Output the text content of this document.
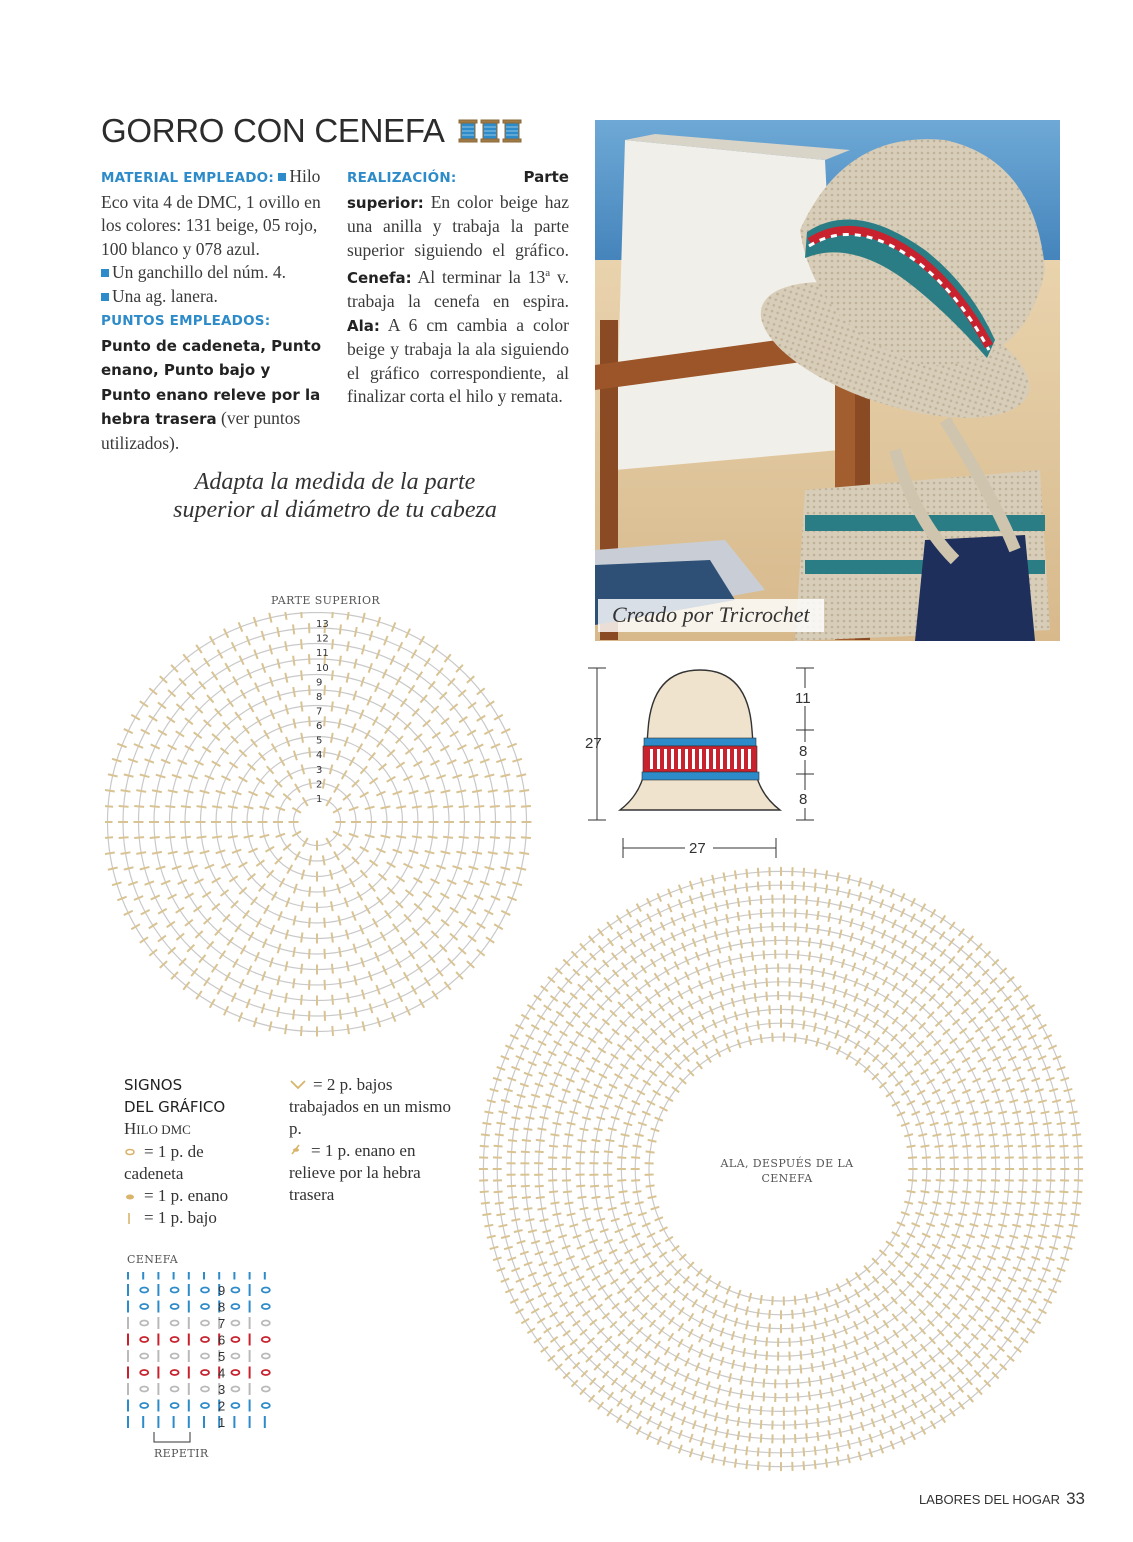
GORRO CON CENEFA
MATERIAL EMPLEADO: Hilo Eco vita 4 de DMC, 1 ovillo en los colores: 131 beige, 05 rojo, 100 blanco y 078 azul.
Un ganchillo del núm. 4.
Una ag. lanera.
PUNTOS EMPLEADOS: Punto de cadeneta, Punto enano, Punto bajo y Punto enano releve por la hebra trasera (ver puntos utilizados).
REALIZACIÓN:	Parte superior: En color beige haz una anilla y trabaja la parte superior siguiendo el gráfico. Cenefa: Al terminar la 13$^a$ v. trabaja la cenefa en espira. Ala: A 6 cm cambia a color beige y trabaja la ala siguiendo el gráfico correspondiente, al finalizar corta el hilo y remata.
Adapta la medida de la parte
superior al diámetro de tu cabeza
Creado por Tricrochet
PARTE SUPERIOR
1
2
3
4
5
6
7
8
9
10
11
12
13
27
11
8
8
27
ALA, DESPUÉS DE LA CENEFA
SIGNOS
DEL GRÁFICO
HILO DMC
= 1 p. de
cadeneta
= 1 p. enano
= 1 p. bajo
= 2 p. bajos trabajados en un mismo p.
= 1 p. enano en relieve por la hebra trasera
CENEFA
1
2
3
4
5
6
7
8
9
REPETIR
LABORES DEL HOGAR 33
